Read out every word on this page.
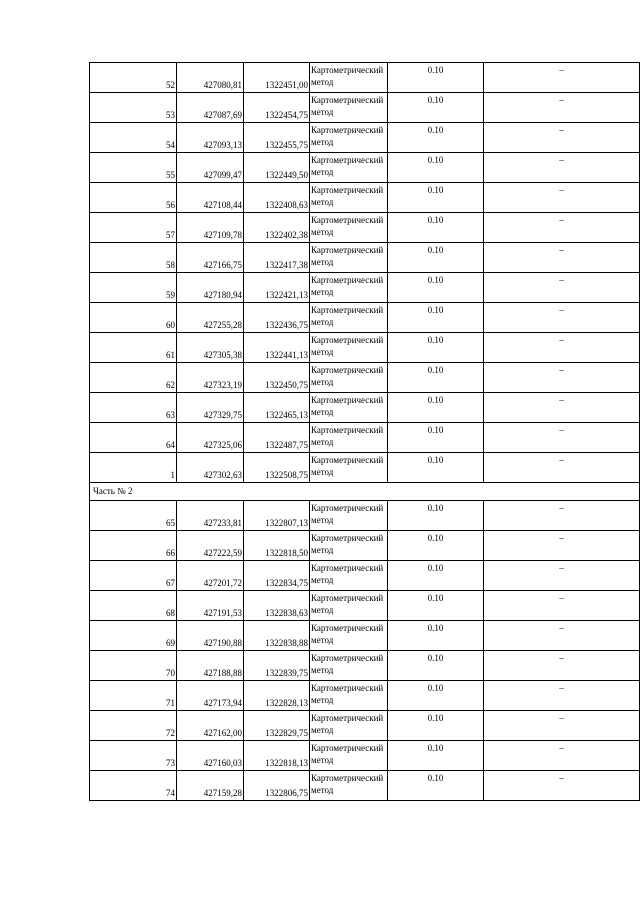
52	427080,81	1322451,00	Картометрический метод	0.10	–
53	427087,69	1322454,75	Картометрический метод	0.10	–
54	427093,13	1322455,75	Картометрический метод	0.10	–
55	427099,47	1322449,50	Картометрический метод	0.10	–
56	427108,44	1322408,63	Картометрический метод	0.10	–
57	427109,78	1322402,38	Картометрический метод	0.10	–
58	427166,75	1322417,38	Картометрический метод	0.10	–
59	427180,94	1322421,13	Картометрический метод	0.10	–
60	427255,28	1322436,75	Картометрический метод	0.10	–
61	427305,38	1322441,13	Картометрический метод	0.10	–
62	427323,19	1322450,75	Картометрический метод	0.10	–
63	427329,75	1322465,13	Картометрический метод	0.10	–
64	427325,06	1322487,75	Картометрический метод	0.10	–
1	427302,63	1322508,75	Картометрический метод	0.10	–
Часть № 2					
65	427233,81	1322807,13	Картометрический метод	0.10	–
66	427222,59	1322818,50	Картометрический метод	0.10	–
67	427201,72	1322834,75	Картометрический метод	0.10	–
68	427191,53	1322838,63	Картометрический метод	0.10	–
69	427190,88	1322838,88	Картометрический метод	0.10	–
70	427188,88	1322839,75	Картометрический метод	0.10	–
71	427173,94	1322828,13	Картометрический метод	0.10	–
72	427162,00	1322829,75	Картометрический метод	0.10	–
73	427160,03	1322818,13	Картометрический метод	0.10	–
74	427159,28	1322806,75	Картометрический метод	0.10	–
